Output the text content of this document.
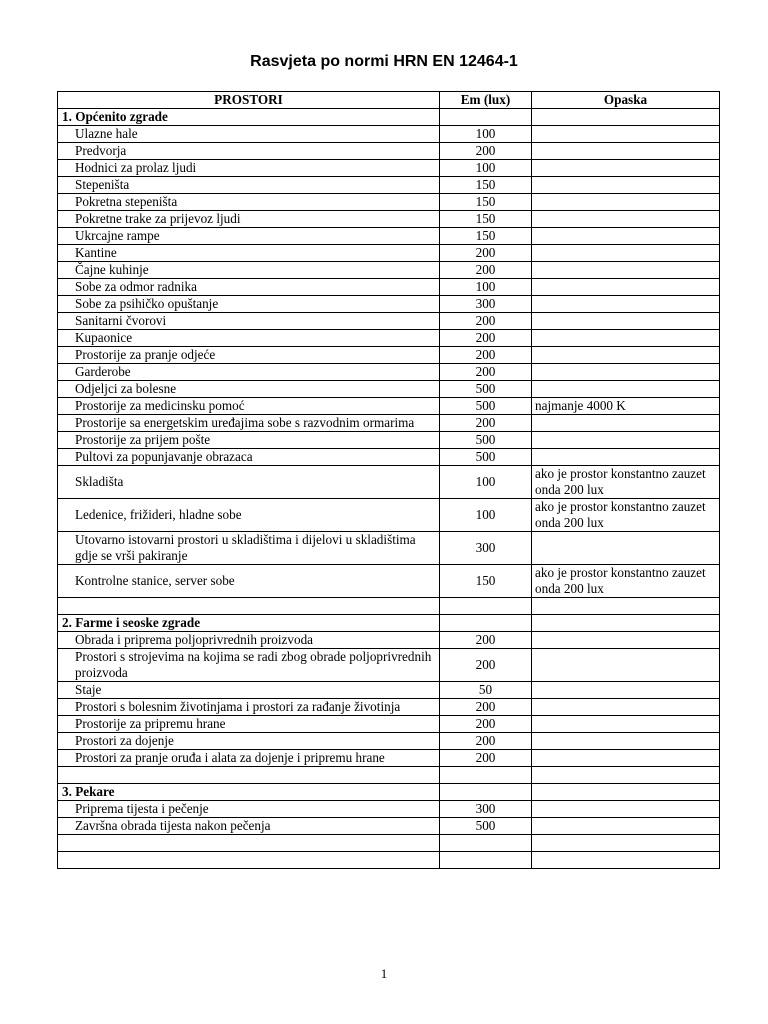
Rasvjeta po normi HRN EN 12464-1
PROSTORI	Em (lux)	Opaska
1. Općenito zgrade		
Ulazne hale	100	
Predvorja	200	
Hodnici za prolaz ljudi	100	
Stepeništa	150	
Pokretna stepeništa	150	
Pokretne trake za prijevoz ljudi	150	
Ukrcajne rampe	150	
Kantine	200	
Čajne kuhinje	200	
Sobe za odmor radnika	100	
Sobe za psihičko opuštanje	300	
Sanitarni čvorovi	200	
Kupaonice	200	
Prostorije za pranje odjeće	200	
Garderobe	200	
Odjeljci za bolesne	500	
Prostorije za medicinsku pomoć	500	najmanje 4000 K
Prostorije sa energetskim uređajima sobe s razvodnim ormarima	200	
Prostorije za prijem pošte	500	
Pultovi za popunjavanje obrazaca	500	
Skladišta	100	ako je prostor konstantno zauzet onda 200 lux
Ledenice, frižideri, hladne sobe	100	ako je prostor konstantno zauzet onda 200 lux
Utovarno istovarni prostori u skladištima i dijelovi u skladištima gdje se vrši pakiranje	300	
Kontrolne stanice, server sobe	150	ako je prostor konstantno zauzet onda 200 lux

2. Farme i seoske zgrade		
Obrada i priprema poljoprivrednih proizvoda	200	
Prostori s strojevima na kojima se radi zbog obrade poljoprivrednih proizvoda	200	
Staje	50	
Prostori s bolesnim životinjama i prostori za rađanje životinja	200	
Prostorije za pripremu hrane	200	
Prostori za dojenje	200	
Prostori za pranje oruđa i alata za dojenje i pripremu hrane	200	

3. Pekare		
Priprema tijesta i pečenje	300	
Završna obrada tijesta nakon pečenja	500	

1
